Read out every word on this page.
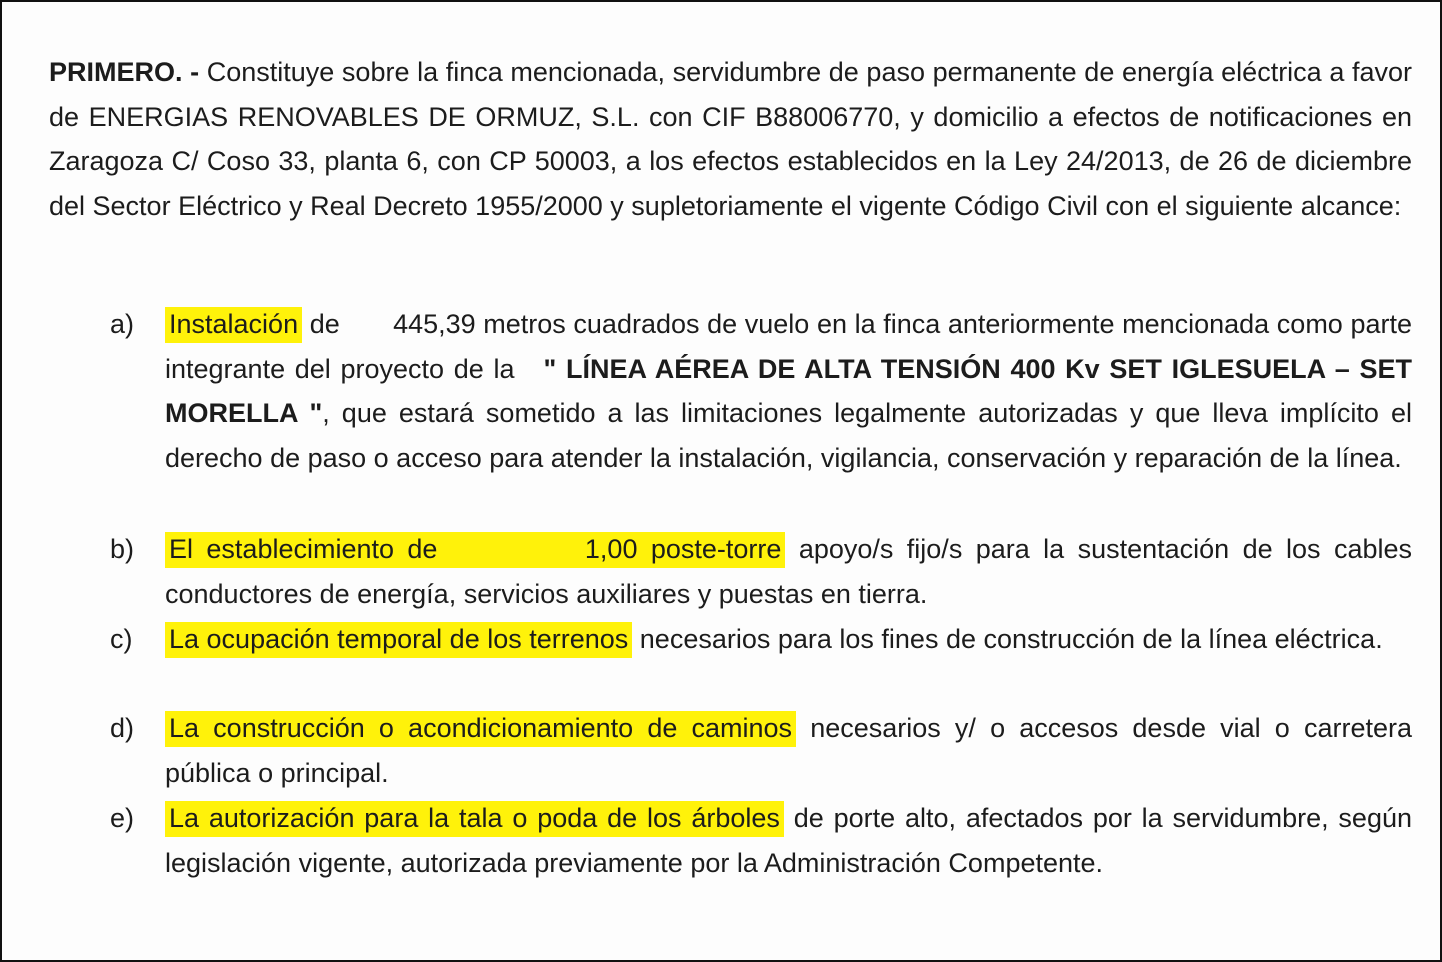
PRIMERO. - Constituye sobre la finca mencionada, servidumbre de paso permanente de energía eléctrica a favor de ENERGIAS RENOVABLES DE ORMUZ, S.L. con CIF B88006770, y domicilio a efectos de notificaciones en Zaragoza C/ Coso 33, planta 6, con CP 50003, a los efectos establecidos en la Ley 24/2013, de 26 de diciembre del Sector Eléctrico y Real Decreto 1955/2000 y supletoriamente el vigente Código Civil con el siguiente alcance:

a) Instalación de       445,39 metros cuadrados de vuelo en la finca anteriormente mencionada como parte integrante del proyecto de la   " LÍNEA AÉREA DE ALTA TENSIÓN 400 Kv SET IGLESUELA – SET MORELLA ", que estará sometido a las limitaciones legalmente autorizadas y que lleva implícito el derecho de paso o acceso para atender la instalación, vigilancia, conservación y reparación de la línea.
b) El establecimiento de           1,00 poste-torre apoyo/s fijo/s para la sustentación de los cables conductores de energía, servicios auxiliares y puestas en tierra.
c) La ocupación temporal de los terrenos necesarios para los fines de construcción de la línea eléctrica.
d) La construcción o acondicionamiento de caminos necesarios y/ o accesos desde vial o carretera pública o principal.
e) La autorización para la tala o poda de los árboles de porte alto, afectados por la servidumbre, según legislación vigente, autorizada previamente por la Administración Competente.
